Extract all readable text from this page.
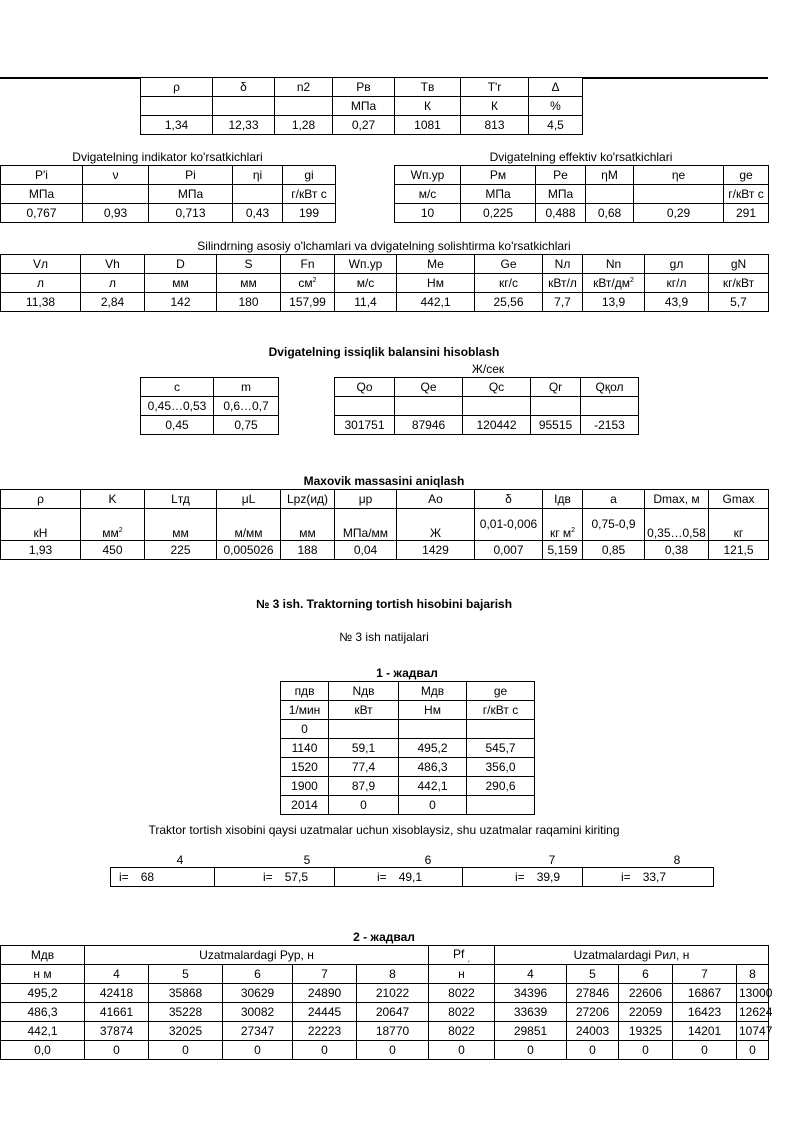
ρ	δ	n2	Pв	Tв	T'r	Δ
			МПа	К	К	%
1,34	12,33	1,28	0,27	1081	813	4,5
Dvigatelning indikator ko'rsatkichlari
P'i	ν	Pi	ηi	gi
МПа		МПа		г/кВт с
0,767	0,93	0,713	0,43	199
Dvigatelning effektiv ko'rsatkichlari
Wп.ур	Pм	Pe	ηM	ηe	ge
м/с	МПа	МПа			г/кВт с
10	0,225	0,488	0,68	0,29	291
Silindrning asosiy o'lchamlari va dvigatelning solishtirma ko'rsatkichlari
Vл	Vh	D	S	Fn	Wп.ур	Me	Ge	Nл	Nn	gл	gN
л	л	мм	мм	$см^2$	м/с	Нм	кг/с	кВт/л	кВт/$дм^2$	кг/л	кг/кВт
11,38	2,84	142	180	157,99	11,4	442,1	25,56	7,7	13,9	43,9	5,7
Dvigatelning issiqlik balansini hisoblash
Ж/сек
c	m
0,45…0,53	0,6…0,7
0,45	0,75
Qo	Qe	Qc	Qr	Qқол

301751	87946	120442	95515	-2153
Maxovik massasini aniqlash
ρ	K	Lтд	μL	Lpz(ид)	μр	Ao	δ	Iдв	a	Dmax, м	Gmax
кН	$мм^2$	мм	м/мм	мм	МПа/мм	Ж	0,01-0,006	кг $м^2$	0,75-0,9	0,35…0,58	кг
1,93	450	225	0,005026	188	0,04	1429	0,007	5,159	0,85	0,38	121,5
№ 3 ish. Traktorning tortish hisobini bajarish
№ 3 ish natijalari
1 - жадвал
пдв	Nдв	Мдв	ge
1/мин	кВт	Нм	г/кВт с
0			
1140	59,1	495,2	545,7
1520	77,4	486,3	356,0
1900	87,9	442,1	290,6
2014	0	0	
Traktor tortish xisobini qaysi uzatmalar uchun xisoblaysiz, shu uzatmalar raqamini kiriting
4	5	6	7	8
i= 68	i= 57,5	i= 49,1	i= 39,9	i= 33,7
2 - жадвал
Мдв	Uzatmalardagi Pyp, н					Pf $_,$	Uzatmalardagi Рил, н				
н м	4	5	6	7	8	н	4	5	6	7	8
495,2	42418	35868	30629	24890	21022	8022	34396	27846	22606	16867	13000
486,3	41661	35228	30082	24445	20647	8022	33639	27206	22059	16423	12624
442,1	37874	32025	27347	22223	18770	8022	29851	24003	19325	14201	10747
0,0	0	0	0	0	0	0	0	0	0	0	0
